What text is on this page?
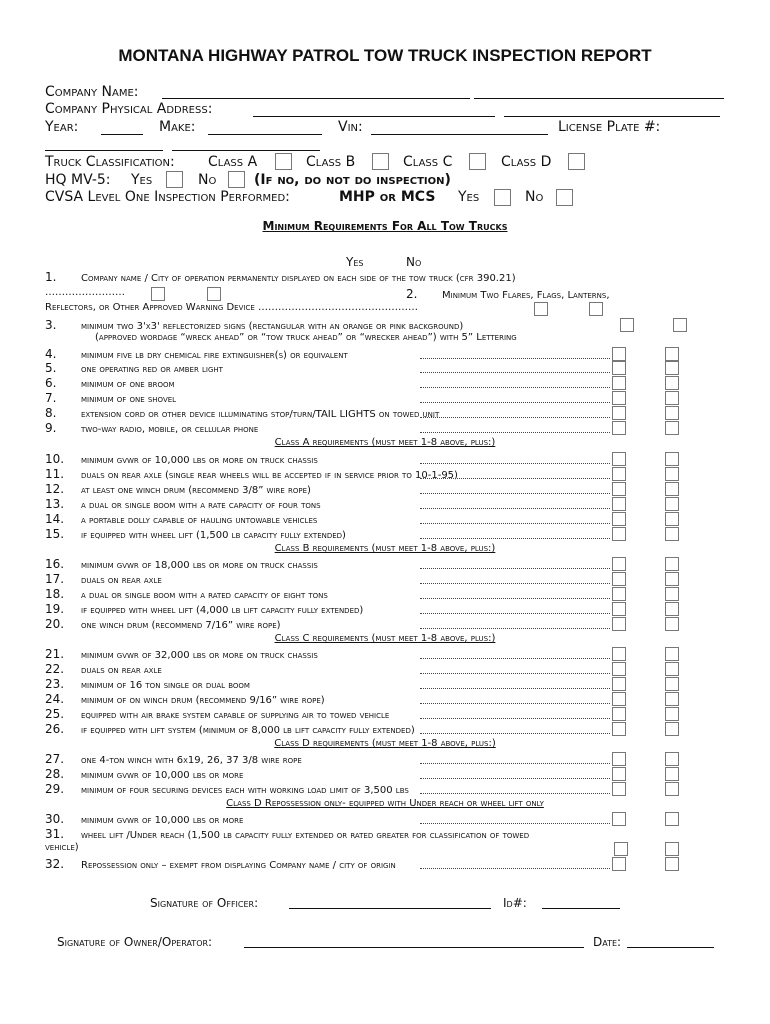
MONTANA HIGHWAY PATROL TOW TRUCK INSPECTION REPORT
Company Name:
Company Physical Address:
Year:	Make:	Vin:	License Plate #:
Truck Classification: Class A	Class B	Class C	Class D
HQ MV-5: Yes	No	(If no, do not do inspection)
CVSA Level One Inspection Performed:	MHP or MCS Yes	No
Minimum Requirements For All Tow Trucks
Yes	No
1. Company name / City of operation permanently displayed on each side of the tow truck (cfr 390.21)
……………………	2. Minimum Two Flares, Flags, Lanterns,
Reflectors, or Other Approved Warning Device …………………………………………
3. minimum two 3'x3' reflectorized signs (rectangular with an orange or pink background)
(approved wordage “wreck ahead” or “tow truck ahead” or “wrecker ahead”) with 5” Lettering
4. minimum five lb dry chemical fire extinguisher(s) or equivalent
5. one operating red or amber light
6. minimum of one broom
7. minimum of one shovel
8. extension cord or other device illuminating stop/turn/TAIL LIGHTS on towed unit
9. two-way radio, mobile, or cellular phone
Class A requirements (must meet 1-8 above, plus:)
10. minimum gvwr of 10,000 lbs or more on truck chassis
11. duals on rear axle (single rear wheels will be accepted if in service prior to 10-1-95)
12. at least one winch drum (recommend 3/8” wire rope)
13. a dual or single boom with a rate capacity of four tons
14. a portable dolly capable of hauling untowable vehicles
15. if equipped with wheel lift (1,500 lb capacity fully extended)
Class B requirements (must meet 1-8 above, plus:)
16. minimum gvwr of 18,000 lbs or more on truck chassis
17. duals on rear axle
18. a dual or single boom with a rated capacity of eight tons
19. if equipped with wheel lift (4,000 lb lift capacity fully extended)
20. one winch drum (recommend 7/16” wire rope)
Class C requirements (must meet 1-8 above, plus:)
21. minimum gvwr of 32,000 lbs or more on truck chassis
22. duals on rear axle
23. minimum of 16 ton single or dual boom
24. minimum of on winch drum (recommend 9/16” wire rope)
25. equipped with air brake system capable of supplying air to towed vehicle
26. if equipped with lift system (minimum of 8,000 lb lift capacity fully extended)
Class D requirements (must meet 1-8 above, plus:)
27. one 4-ton winch with 6x19, 26, 37 3/8 wire rope
28. minimum gvwr of 10,000 lbs or more
29. minimum of four securing devices each with working load limit of 3,500 lbs
Class D Repossession only- equipped with Under reach or wheel lift only
30. minimum gvwr of 10,000 lbs or more
31. wheel lift /Under reach (1,500 lb capacity fully extended or rated greater for classification of towed
vehicle)
32. Repossession only – exempt from displaying Company name / city of origin
Signature of Officer:	Id#:
Signature of Owner/Operator:	Date:
